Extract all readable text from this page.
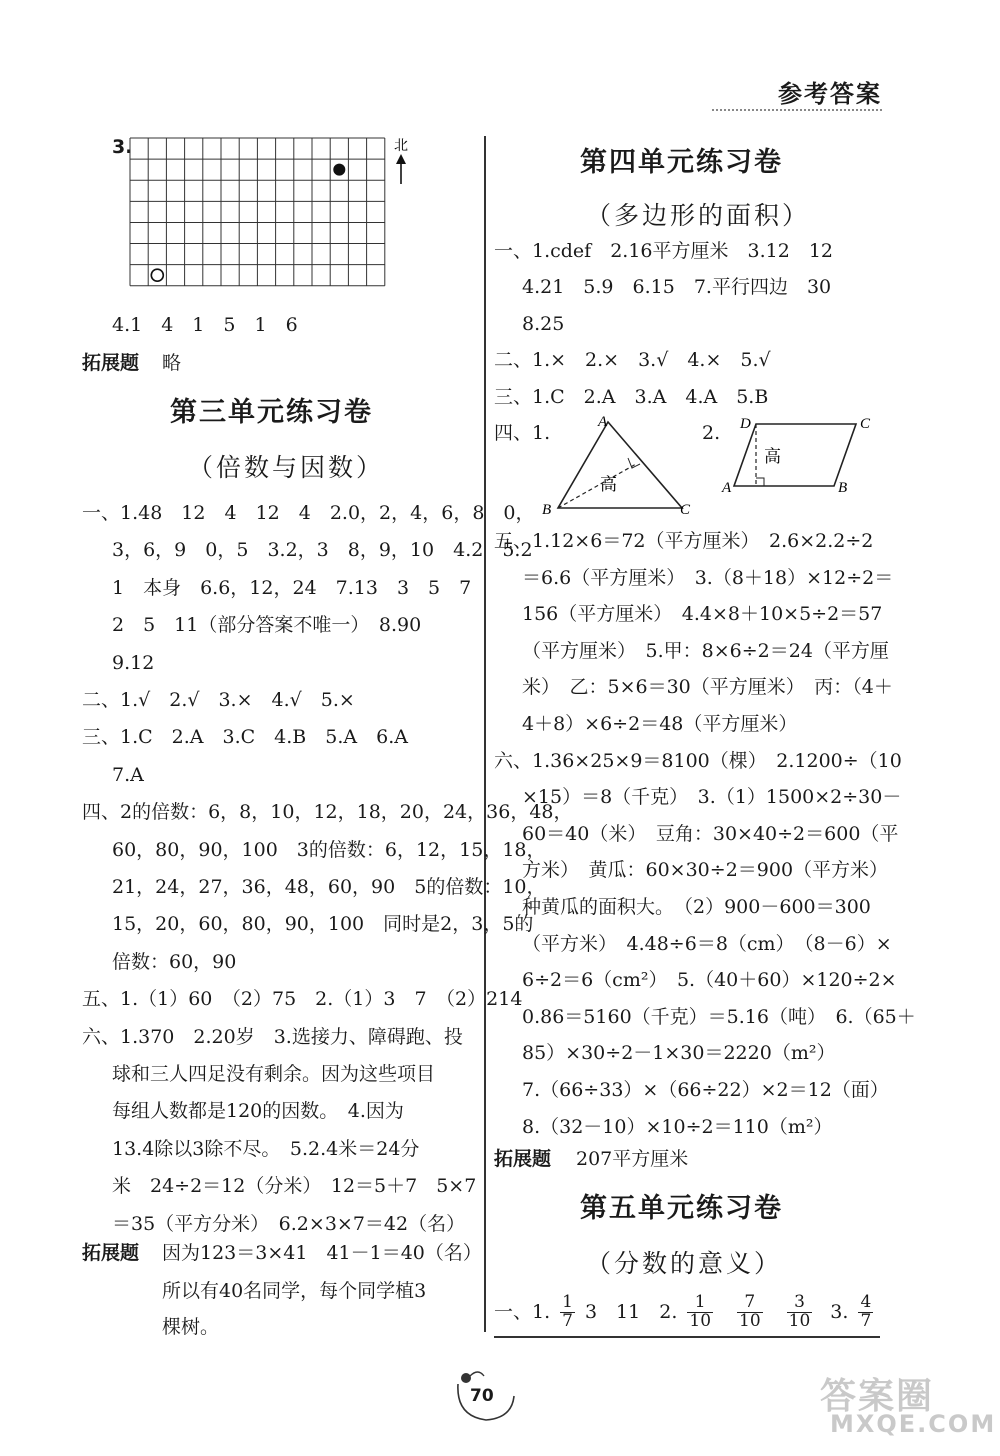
参考答案
3.	北
4.1　4　1　5　1　6
拓展题 略
第三单元练习卷
（倍数与因数）
一、1.48　12　4　12　4　2.0，2，4，6，8　0，
3，6，9　0，5　3.2，3　8，9，10　4.2　5.2
1　本身　6.6，12，24　7.13　3　5　7
2　5　11（部分答案不唯一）　8.90
9.12
二、1.√　2.√　3.×　4.√　5.×
三、1.C　2.A　3.C　4.B　5.A　6.A
7.A
四、2的倍数：6，8，10，12，18，20，24，36，48，
60，80，90，100　3的倍数：6，12，15，18，
21，24，27，36，48，60，90　5的倍数：10，
15，20，60，80，90，100　同时是2，3，5的
倍数：60，90
五、1.（1）60　（2）75　2.（1）3　7　（2）214
六、1.370　2.20岁　3.选接力、障碍跑、投
球和三人四足没有剩余。因为这些项目
每组人数都是120的因数。　4.因为
13.4除以3除不尽。　5.2.4米＝24分
米　24÷2＝12（分米）　12＝5＋7　5×7
＝35（平方分米）　6.2×3×7＝42（名）
拓展题 因为123＝3×41　41－1＝40（名）
所以有40名同学，每个同学植3
棵树。
第四单元练习卷
（多边形的面积）
一、1.cdef　2.16平方厘米　3.12　12
4.21　5.9　6.15　7.平行四边　30
8.25
二、1.×　2.×　3.√　4.×　5.√
三、1.C　2.A　3.A　4.A　5.B
四、1.	2.
A
B	C
高
D	C
A	B
高
五、1.12×6＝72（平方厘米）　2.6×2.2÷2
＝6.6（平方厘米）　3.（8＋18）×12÷2＝
156（平方厘米）　4.4×8＋10×5÷2＝57
（平方厘米）　5.甲：8×6÷2＝24（平方厘
米）　乙：5×6＝30（平方厘米）　丙：（4＋
4＋8）×6÷2＝48（平方厘米）
六、1.36×25×9＝8100（棵）　2.1200÷（10
×15）＝8（千克）　3.（1）1500×2÷30－
60＝40（米）　豆角：30×40÷2＝600（平
方米）　黄瓜：60×30÷2＝900（平方米）
种黄瓜的面积大。　（2）900－600＝300
（平方米）　4.48÷6＝8（cm）　（8－6）×
6÷2＝6（cm²）　5.（40＋60）×120÷2×
0.86＝5160（千克）＝5.16（吨）　6.（65＋
85）×30÷2－1×30＝2220（m²）
7.（66÷33）×（66÷22）×2＝12（面）
8.（32－10）×10÷2＝110（m²）
拓展题 207平方厘米
第五单元练习卷
（分数的意义）
一、1. $\frac{1}{7} 3$　11　2. $\frac{1}{10} \frac{7}{10} \frac{3}{10} 3$. $\frac{4}{7}$
70	答案圈
MXQE.COM
